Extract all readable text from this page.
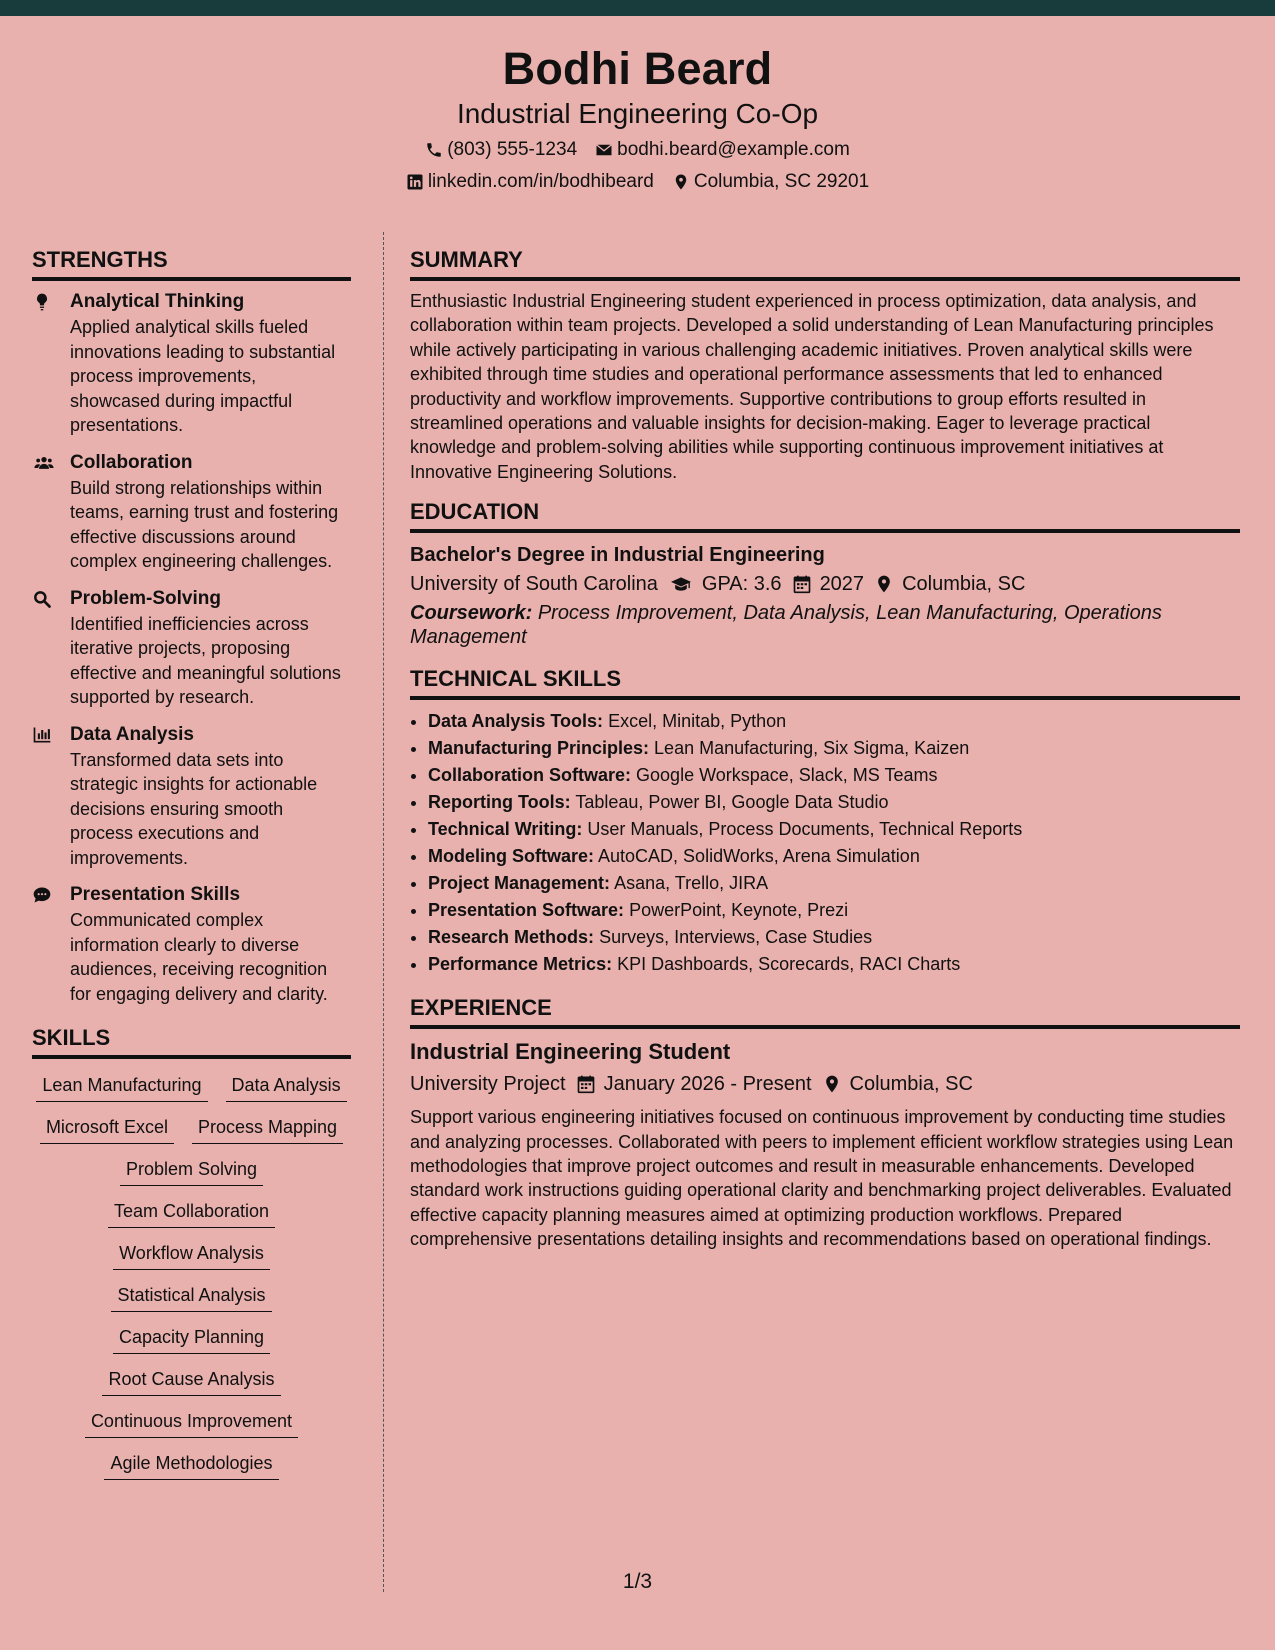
Bodhi Beard
Industrial Engineering Co-Op
(803) 555-1234 bodhi.beard@example.com
linkedin.com/in/bodhibeard Columbia, SC 29201
STRENGTHS
Analytical Thinking
Applied analytical skills fueled innovations leading to substantial process improvements, showcased during impactful presentations.
Collaboration
Build strong relationships within teams, earning trust and fostering effective discussions around complex engineering challenges.
Problem-Solving
Identified inefficiencies across iterative projects, proposing effective and meaningful solutions supported by research.
Data Analysis
Transformed data sets into strategic insights for actionable decisions ensuring smooth process executions and improvements.
Presentation Skills
Communicated complex information clearly to diverse audiences, receiving recognition for engaging delivery and clarity.
SKILLS
Lean Manufacturing	Data Analysis
Microsoft Excel	Process Mapping
Problem Solving
Team Collaboration
Workflow Analysis
Statistical Analysis
Capacity Planning
Root Cause Analysis
Continuous Improvement
Agile Methodologies
SUMMARY
Enthusiastic Industrial Engineering student experienced in process optimization, data analysis, and collaboration within team projects. Developed a solid understanding of Lean Manufacturing principles while actively participating in various challenging academic initiatives. Proven analytical skills were exhibited through time studies and operational performance assessments that led to enhanced productivity and workflow improvements. Supportive contributions to group efforts resulted in streamlined operations and valuable insights for decision-making. Eager to leverage practical knowledge and problem-solving abilities while supporting continuous improvement initiatives at Innovative Engineering Solutions.
EDUCATION
Bachelor's Degree in Industrial Engineering
University of South Carolina GPA: 3.6 2027 Columbia, SC
Coursework: Process Improvement, Data Analysis, Lean Manufacturing, Operations Management
TECHNICAL SKILLS
• Data Analysis Tools: Excel, Minitab, Python
• Manufacturing Principles: Lean Manufacturing, Six Sigma, Kaizen
• Collaboration Software: Google Workspace, Slack, MS Teams
• Reporting Tools: Tableau, Power BI, Google Data Studio
• Technical Writing: User Manuals, Process Documents, Technical Reports
• Modeling Software: AutoCAD, SolidWorks, Arena Simulation
• Project Management: Asana, Trello, JIRA
• Presentation Software: PowerPoint, Keynote, Prezi
• Research Methods: Surveys, Interviews, Case Studies
• Performance Metrics: KPI Dashboards, Scorecards, RACI Charts
EXPERIENCE
Industrial Engineering Student
University Project January 2026 - Present Columbia, SC
Support various engineering initiatives focused on continuous improvement by conducting time studies and analyzing processes. Collaborated with peers to implement efficient workflow strategies using Lean methodologies that improve project outcomes and result in measurable enhancements. Developed standard work instructions guiding operational clarity and benchmarking project deliverables. Evaluated effective capacity planning measures aimed at optimizing production workflows. Prepared comprehensive presentations detailing insights and recommendations based on operational findings.
1/3
